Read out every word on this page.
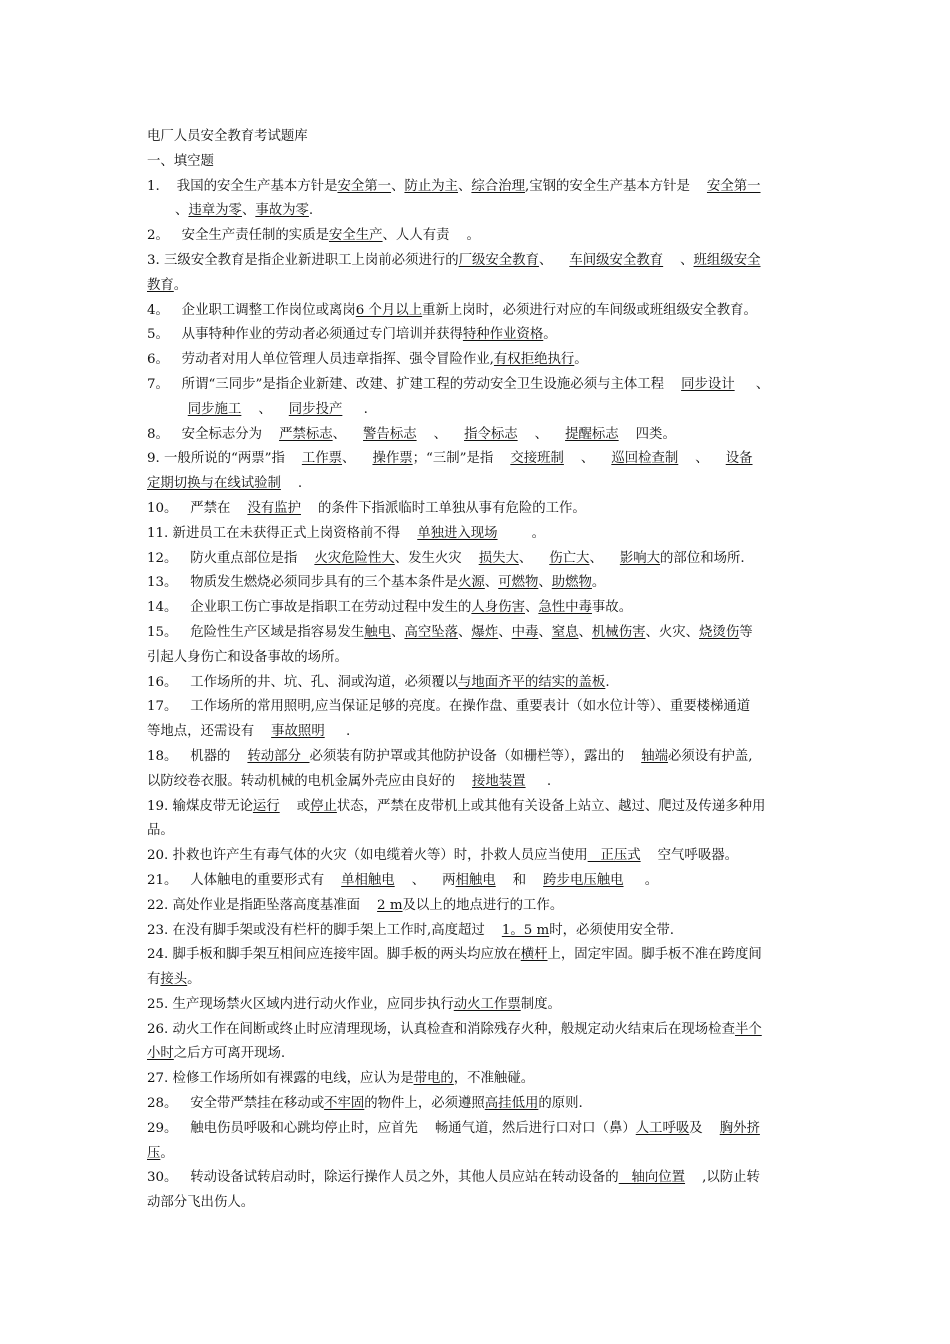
电厂人员安全教育考试题库

一、填空题

1.    我国的安全生产基本方针是安全第一、防止为主、综合治理,宝钢的安全生产基本方针是    安全第一

、违章为零、事故为零.

2。   安全生产责任制的实质是安全生产、人人有责    。

3. 三级安全教育是指企业新进职工上岗前必须进行的厂级安全教育、    车间级安全教育    、班组级安全

教育。

4。   企业职工调整工作岗位或离岗6 个月以上重新上岗时，必须进行对应的车间级或班组级安全教育。

5。   从事特种作业的劳动者必须通过专门培训并获得特种作业资格。

6。   劳动者对用人单位管理人员违章指挥、强令冒险作业,有权拒绝执行。

7。   所谓“三同步”是指企业新建、改建、扩建工程的劳动安全卫生设施必须与主体工程    同步设计     、

同步施工    、    同步投产     .

8。   安全标志分为    严禁标志、    警告标志    、    指令标志    、    提醒标志    四类。

9. 一般所说的“两票”指    工作票、    操作票；“三制”是指    交接班制    、    巡回检查制    、    设备

定期切换与在线试验制    .

10。   严禁在    没有监护    的条件下指派临时工单独从事有危险的工作。

11. 新进员工在未获得正式上岗资格前不得    单独进入现场        。

12。   防火重点部位是指    火灾危险性大、发生火灾    损失大、    伤亡大、    影响大的部位和场所.

13。   物质发生燃烧必须同步具有的三个基本条件是火源、可燃物、助燃物。

14。   企业职工伤亡事故是指职工在劳动过程中发生的人身伤害、急性中毒事故。

15。   危险性生产区域是指容易发生触电、高空坠落、爆炸、中毒、窒息、机械伤害、火灾、烧烫伤等

引起人身伤亡和设备事故的场所。

16。   工作场所的井、坑、孔、洞或沟道，必须覆以与地面齐平的结实的盖板.

17。   工作场所的常用照明,应当保证足够的亮度。在操作盘、重要表计（如水位计等）、重要楼梯通道

等地点，还需设有    事故照明     .

18。   机器的    转动部分  必须装有防护罩或其他防护设备（如栅栏等），露出的    轴端必须设有护盖,

以防绞卷衣服。转动机械的电机金属外壳应由良好的    接地装置     .

19. 输煤皮带无论运行    或停止状态，严禁在皮带机上或其他有关设备上站立、越过、爬过及传递多种用

品。

20. 扑救也许产生有毒气体的火灾（如电缆着火等）时，扑救人员应当使用   正压式    空气呼吸器。

21。   人体触电的重要形式有    单相触电    、    两相触电    和    跨步电压触电     。

22. 高处作业是指距坠落高度基准面    2 m及以上的地点进行的工作。

23. 在没有脚手架或没有栏杆的脚手架上工作时,高度超过    1。5 m时，必须使用安全带.

24. 脚手板和脚手架互相间应连接牢固。脚手板的两头均应放在横杆上，固定牢固。脚手板不准在跨度间

有接头。

25. 生产现场禁火区域内进行动火作业，应同步执行动火工作票制度。

26. 动火工作在间断或终止时应清理现场，认真检查和消除残存火种，般规定动火结束后在现场检查半个

小时之后方可离开现场.

27. 检修工作场所如有裸露的电线，应认为是带电的，不准触碰。

28。   安全带严禁挂在移动或不牢固的物件上，必须遵照高挂低用的原则.

29。   触电伤员呼吸和心跳均停止时，应首先    畅通气道，然后进行口对口（鼻）人工呼吸及    胸外挤

压。

30。   转动设备试转启动时，除运行操作人员之外，其他人员应站在转动设备的   轴向位置    ,以防止转

动部分飞出伤人。
